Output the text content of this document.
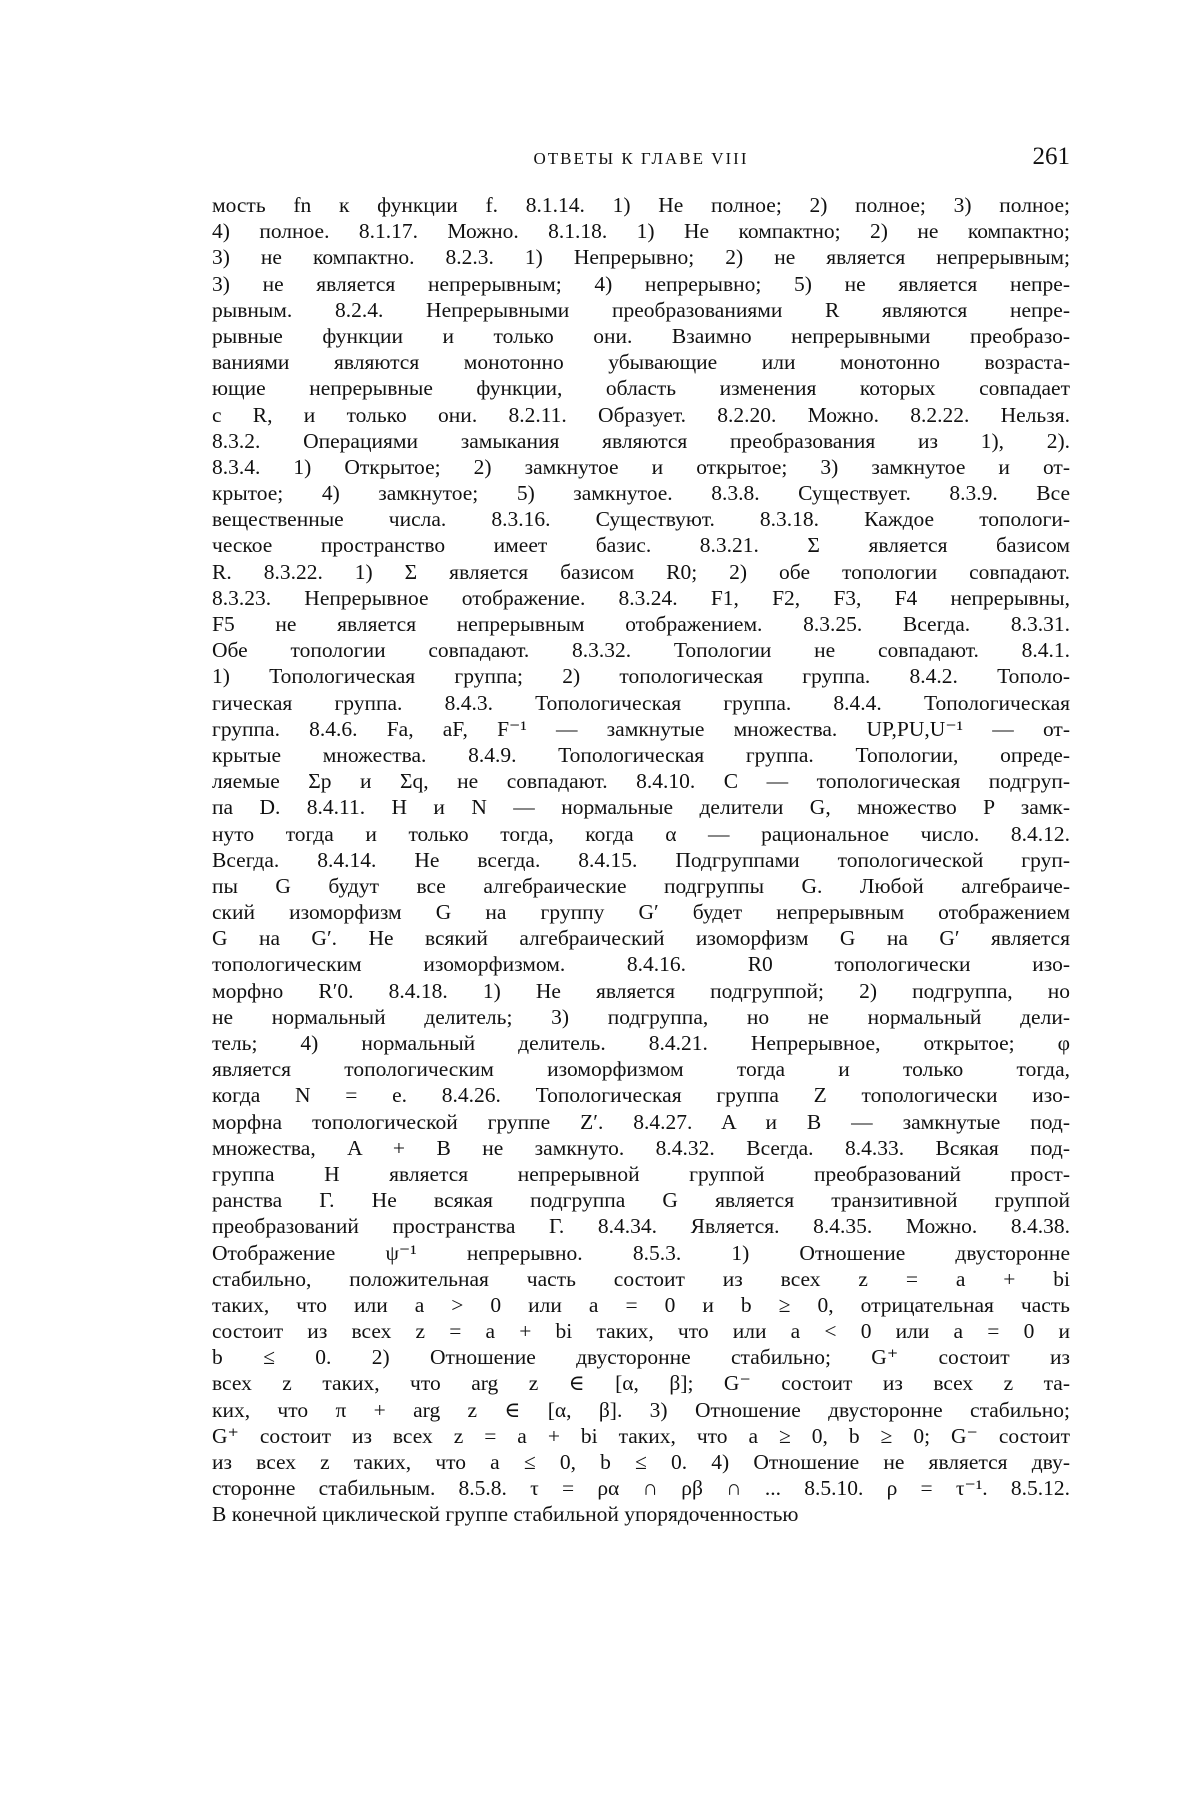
ОТВЕТЫ К ГЛАВЕ VIII	261
мость fn к функции f. 8.1.14. 1) Не полное; 2) полное; 3) полное;
4) полное. 8.1.17. Можно. 8.1.18. 1) Не компактно; 2) не компактно;
3) не компактно. 8.2.3. 1) Непрерывно; 2) не является непрерывным;
3) не является непрерывным; 4) непрерывно; 5) не является непре-
рывным. 8.2.4. Непрерывными преобразованиями R являются непре-
рывные функции и только они. Взаимно непрерывными преобразо-
ваниями являются монотонно убывающие или монотонно возраста-
ющие непрерывные функции, область изменения которых совпадает
с R, и только они. 8.2.11. Образует. 8.2.20. Можно. 8.2.22. Нельзя.
8.3.2. Операциями замыкания являются преобразования из 1), 2).
8.3.4. 1) Открытое; 2) замкнутое и открытое; 3) замкнутое и от-
крытое; 4) замкнутое; 5) замкнутое. 8.3.8. Существует. 8.3.9. Все
вещественные числа. 8.3.16. Существуют. 8.3.18. Каждое топологи-
ческое пространство имеет базис. 8.3.21. Σ является базисом
R. 8.3.22. 1) Σ является базисом R0; 2) обе топологии совпадают.
8.3.23. Непрерывное отображение. 8.3.24. F1, F2, F3, F4 непрерывны,
F5 не является непрерывным отображением. 8.3.25. Всегда. 8.3.31.
Обе топологии совпадают. 8.3.32. Топологии не совпадают. 8.4.1.
1) Топологическая группа; 2) топологическая группа. 8.4.2. Тополо-
гическая группа. 8.4.3. Топологическая группа. 8.4.4. Топологическая
группа. 8.4.6. Fa, aF, F⁻¹ — замкнутые множества. UP,PU,U⁻¹ — от-
крытые множества. 8.4.9. Топологическая группа. Топологии, опреде-
ляемые Σp и Σq, не совпадают. 8.4.10. C — топологическая подгруп-
па D. 8.4.11. H и N — нормальные делители G, множество P замк-
нуто тогда и только тогда, когда α — рациональное число. 8.4.12.
Всегда. 8.4.14. Не всегда. 8.4.15. Подгруппами топологической груп-
пы G будут все алгебраические подгруппы G. Любой алгебраиче-
ский изоморфизм G на группу G′ будет непрерывным отображением
G на G′. Не всякий алгебраический изоморфизм G на G′ является
топологическим изоморфизмом. 8.4.16. R0 топологически изо-
морфно R′0. 8.4.18. 1) Не является подгруппой; 2) подгруппа, но
не нормальный делитель; 3) подгруппа, но не нормальный дели-
тель; 4) нормальный делитель. 8.4.21. Непрерывное, открытое; φ
является топологическим изоморфизмом тогда и только тогда,
когда N = e. 8.4.26. Топологическая группа Z топологически изо-
морфна топологической группе Z′. 8.4.27. A и B — замкнутые под-
множества, A + B не замкнуто. 8.4.32. Всегда. 8.4.33. Всякая под-
группа H является непрерывной группой преобразований прост-
ранства Γ. Не всякая подгруппа G является транзитивной группой
преобразований пространства Γ. 8.4.34. Является. 8.4.35. Можно. 8.4.38.
Отображение ψ⁻¹ непрерывно. 8.5.3. 1) Отношение двусторонне
стабильно, положительная часть состоит из всех z = a + bi
таких, что или a > 0 или a = 0 и b ≥ 0, отрицательная часть
состоит из всех z = a + bi таких, что или a < 0 или a = 0 и
b ≤ 0. 2) Отношение двусторонне стабильно; G⁺ состоит из
всех z таких, что arg z ∈ [α, β]; G⁻ состоит из всех z та-
ких, что π + arg z ∈ [α, β]. 3) Отношение двусторонне стабильно;
G⁺ состоит из всех z = a + bi таких, что a ≥ 0, b ≥ 0; G⁻ состоит
из всех z таких, что a ≤ 0, b ≤ 0. 4) Отношение не является дву-
сторонне стабильным. 8.5.8. τ = ρα ∩ ρβ ∩ ... 8.5.10. ρ = τ⁻¹. 8.5.12.
В конечной циклической группе стабильной упорядоченностью
